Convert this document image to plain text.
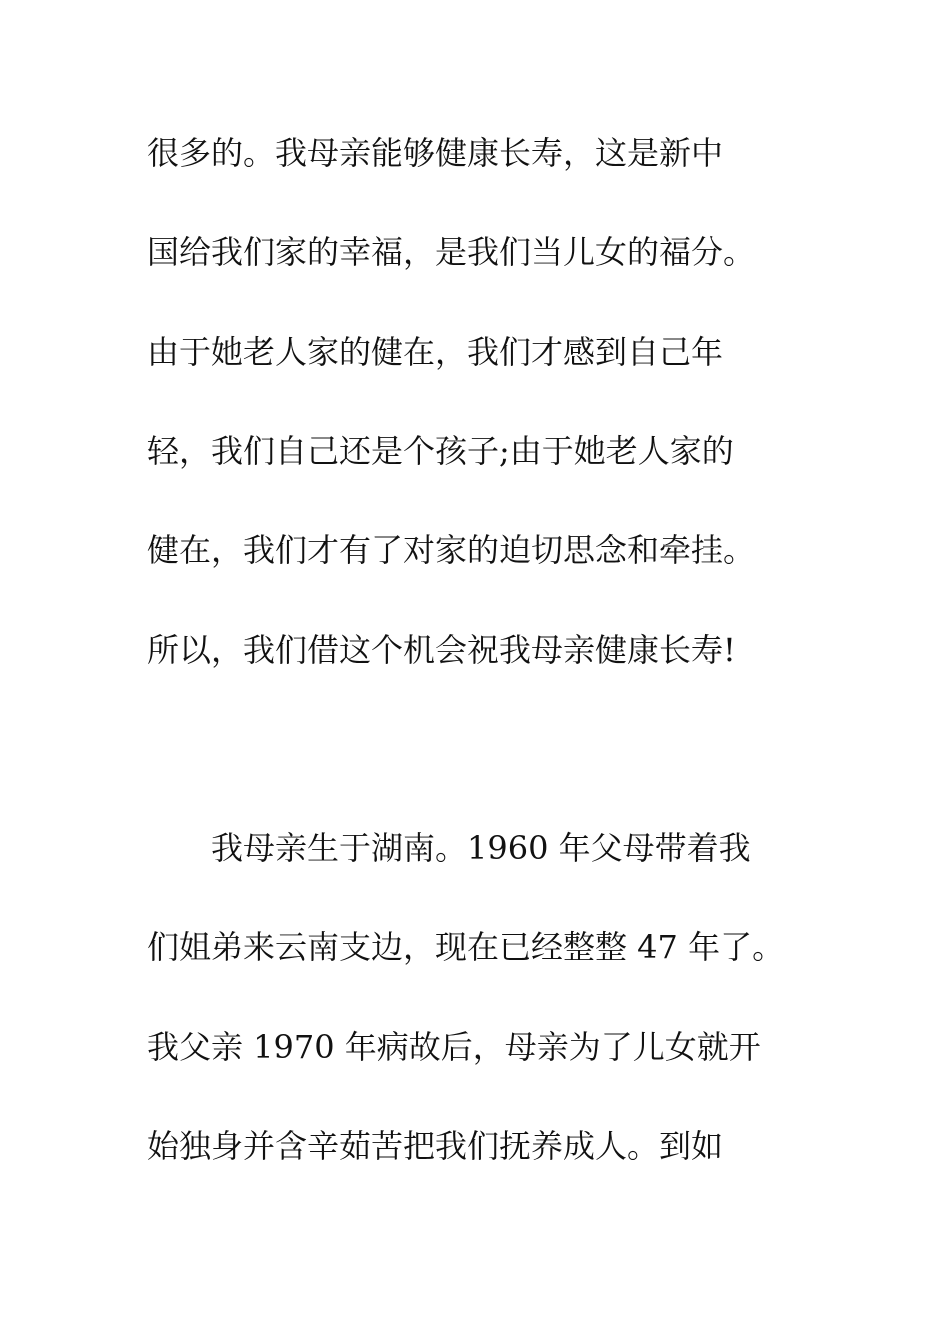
很多的。我母亲能够健康长寿，这是新中
国给我们家的幸福，是我们当儿女的福分。
由于她老人家的健在，我们才感到自己年
轻，我们自己还是个孩子;由于她老人家的
健在，我们才有了对家的迫切思念和牵挂。
所以，我们借这个机会祝我母亲健康长寿!
　　我母亲生于湖南。1960 年父母带着我
们姐弟来云南支边，现在已经整整 47 年了。
我父亲 1970 年病故后，母亲为了儿女就开
始独身并含辛茹苦把我们抚养成人。到如
